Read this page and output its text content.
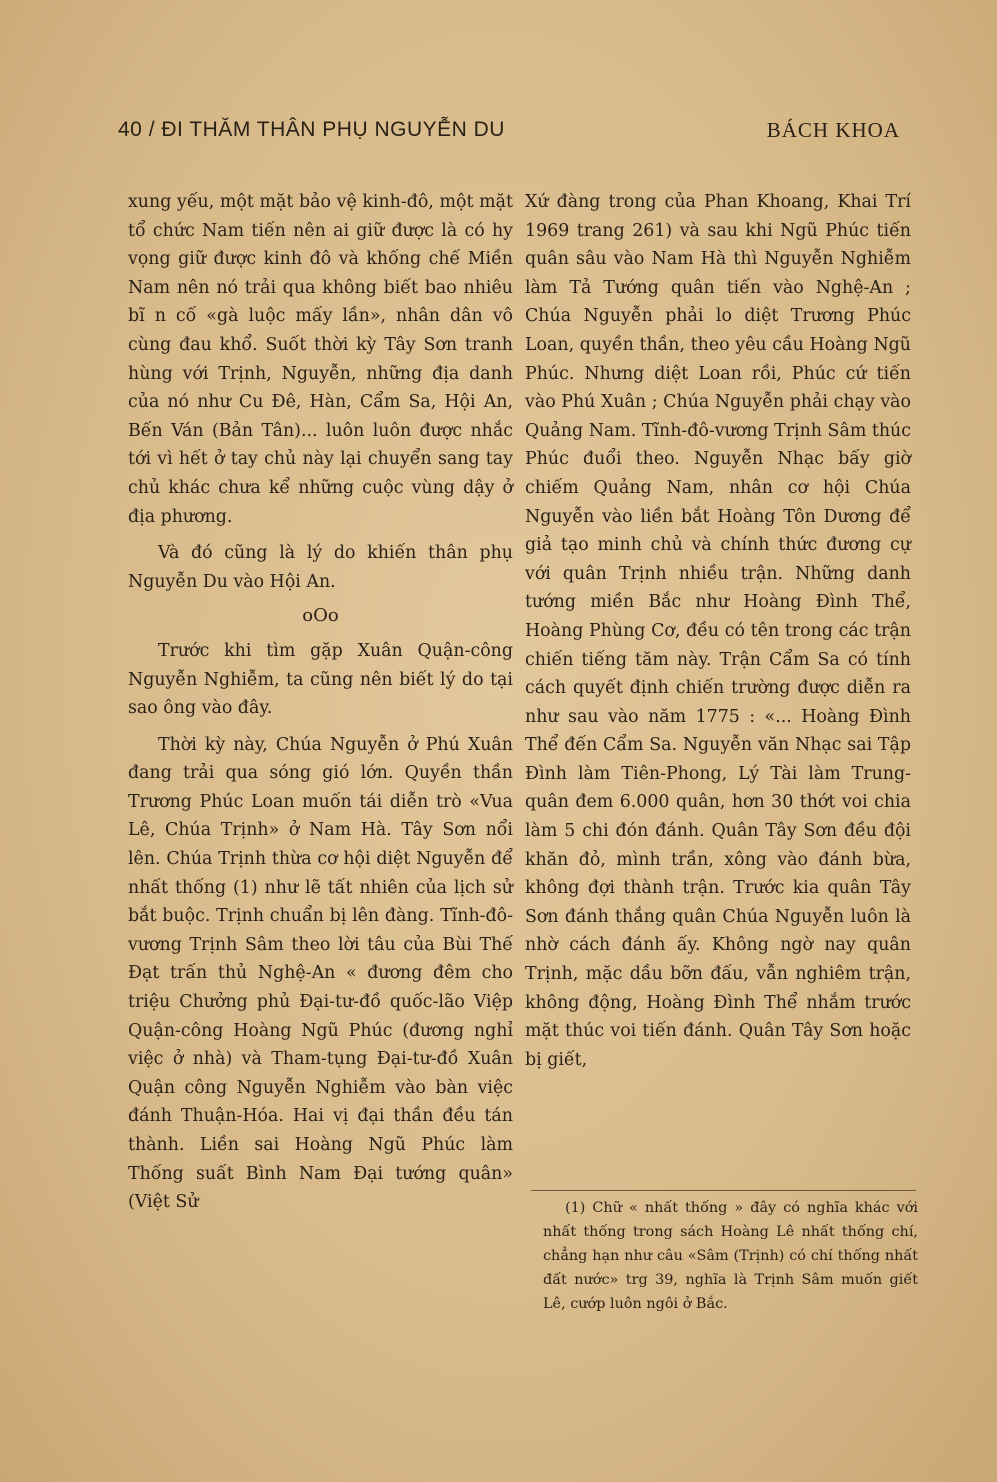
40 / ĐI THĂM THÂN PHỤ NGUYỄN DU	BÁCH KHOA

xung yếu, một mặt bảo vệ kinh-đô, một mặt tổ chức Nam tiến nên ai giữ được là có hy vọng giữ được kinh đô và khống chế Miền Nam nên nó trải qua không biết bao nhiêu bĩ n cố «gà luộc mấy lần», nhân dân vô cùng đau khổ. Suốt thời kỳ Tây Sơn tranh hùng với Trịnh, Nguyễn, những địa danh của nó như Cu Đê, Hàn, Cẩm Sa, Hội An, Bến Ván (Bản Tân)... luôn luôn được nhắc tới vì hết ở tay chủ này lại chuyển sang tay chủ khác chưa kể những cuộc vùng dậy ở địa phương.

Và đó cũng là lý do khiến thân phụ Nguyễn Du vào Hội An.

oOo

Trước khi tìm gặp Xuân Quận-công Nguyễn Nghiễm, ta cũng nên biết lý do tại sao ông vào đây.

Thời kỳ này, Chúa Nguyễn ở Phú Xuân đang trải qua sóng gió lớn. Quyền thần Trương Phúc Loan muốn tái diễn trò «Vua Lê, Chúa Trịnh» ở Nam Hà. Tây Sơn nổi lên. Chúa Trịnh thừa cơ hội diệt Nguyễn để nhất thống (1) như lẽ tất nhiên của lịch sử bắt buộc. Trịnh chuẩn bị lên đàng. Tĩnh-đô-vương Trịnh Sâm theo lời tâu của Bùi Thế Đạt trấn thủ Nghệ-An « đương đêm cho triệu Chưởng phủ Đại-tư-đồ quốc-lão Việp Quận-công Hoàng Ngũ Phúc (đương nghỉ việc ở nhà) và Tham-tụng Đại-tư-đồ Xuân Quận công Nguyễn Nghiễm vào bàn việc đánh Thuận-Hóa. Hai vị đại thần đều tán thành. Liền sai Hoàng Ngũ Phúc làm Thống suất Bình Nam Đại tướng quân» (Việt Sử

Xứ đàng trong của Phan Khoang, Khai Trí 1969 trang 261) và sau khi Ngũ Phúc tiến quân sâu vào Nam Hà thì Nguyễn Nghiễm làm Tả Tướng quân tiến vào Nghệ-An ; Chúa Nguyễn phải lo diệt Trương Phúc Loan, quyền thần, theo yêu cầu Hoàng Ngũ Phúc. Nhưng diệt Loan rồi, Phúc cứ tiến vào Phú Xuân ; Chúa Nguyễn phải chạy vào Quảng Nam. Tĩnh-đô-vương Trịnh Sâm thúc Phúc đuổi theo. Nguyễn Nhạc bấy giờ chiếm Quảng Nam, nhân cơ hội Chúa Nguyễn vào liền bắt Hoàng Tôn Dương để giả tạo minh chủ và chính thức đương cự với quân Trịnh nhiều trận. Những danh tướng miền Bắc như Hoàng Đình Thể, Hoàng Phùng Cơ, đều có tên trong các trận chiến tiếng tăm này. Trận Cẩm Sa có tính cách quyết định chiến trường được diễn ra như sau vào năm 1775 : «... Hoàng Đình Thể đến Cẩm Sa. Nguyễn văn Nhạc sai Tập Đình làm Tiên-Phong, Lý Tài làm Trung-quân đem 6.000 quân, hơn 30 thớt voi chia làm 5 chi đón đánh. Quân Tây Sơn đều đội khăn đỏ, mình trần, xông vào đánh bừa, không đợi thành trận. Trước kia quân Tây Sơn đánh thắng quân Chúa Nguyễn luôn là nhờ cách đánh ấy. Không ngờ nay quân Trịnh, mặc dầu bỡn đấu, vẫn nghiêm trận, không động, Hoàng Đình Thể nhắm trước mặt thúc voi tiến đánh. Quân Tây Sơn hoặc bị giết,

(1) Chữ « nhất thống » đây có nghĩa khác với nhất thống trong sách Hoàng Lê nhất thống chí, chẳng hạn như câu «Sâm (Trịnh) có chí thống nhất đất nước» trg 39, nghĩa là Trịnh Sâm muốn giết Lê, cướp luôn ngôi ở Bắc.
